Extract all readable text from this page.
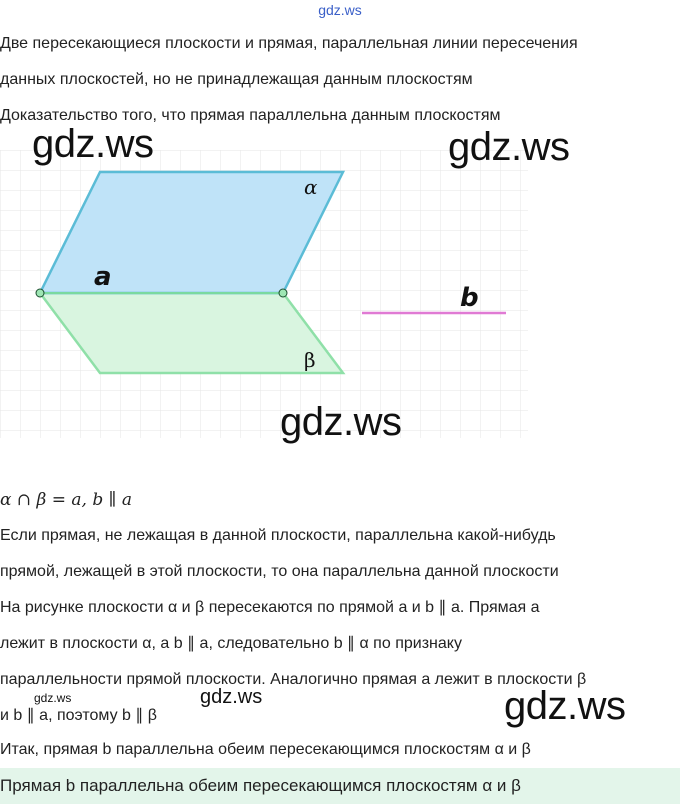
gdz.ws
Две пересекающиеся плоскости и прямая, параллельная линии пересечения
данных плоскостей, но не принадлежащая данным плоскостям
Доказательство того, что прямая параллельна данным плоскостям
α
β
a
b
gdz.ws	gdz.ws
gdz.ws
α ∩ β = a, b ∥ a
Если прямая, не лежащая в данной плоскости, параллельна какой-нибудь
прямой, лежащей в этой плоскости, то она параллельна данной плоскости
На рисунке плоскости α и β пересекаются по прямой a и b ∥ a. Прямая a
лежит в плоскости α, а b ∥ a, следовательно b ∥ α по признаку
параллельности прямой плоскости. Аналогично прямая a лежит в плоскости β
и b ∥ a, поэтому b ∥ β
gdz.ws	gdz.ws	gdz.ws
Итак, прямая b параллельна обеим пересекающимся плоскостям α и β
Прямая b параллельна обеим пересекающимся плоскостям α и β
